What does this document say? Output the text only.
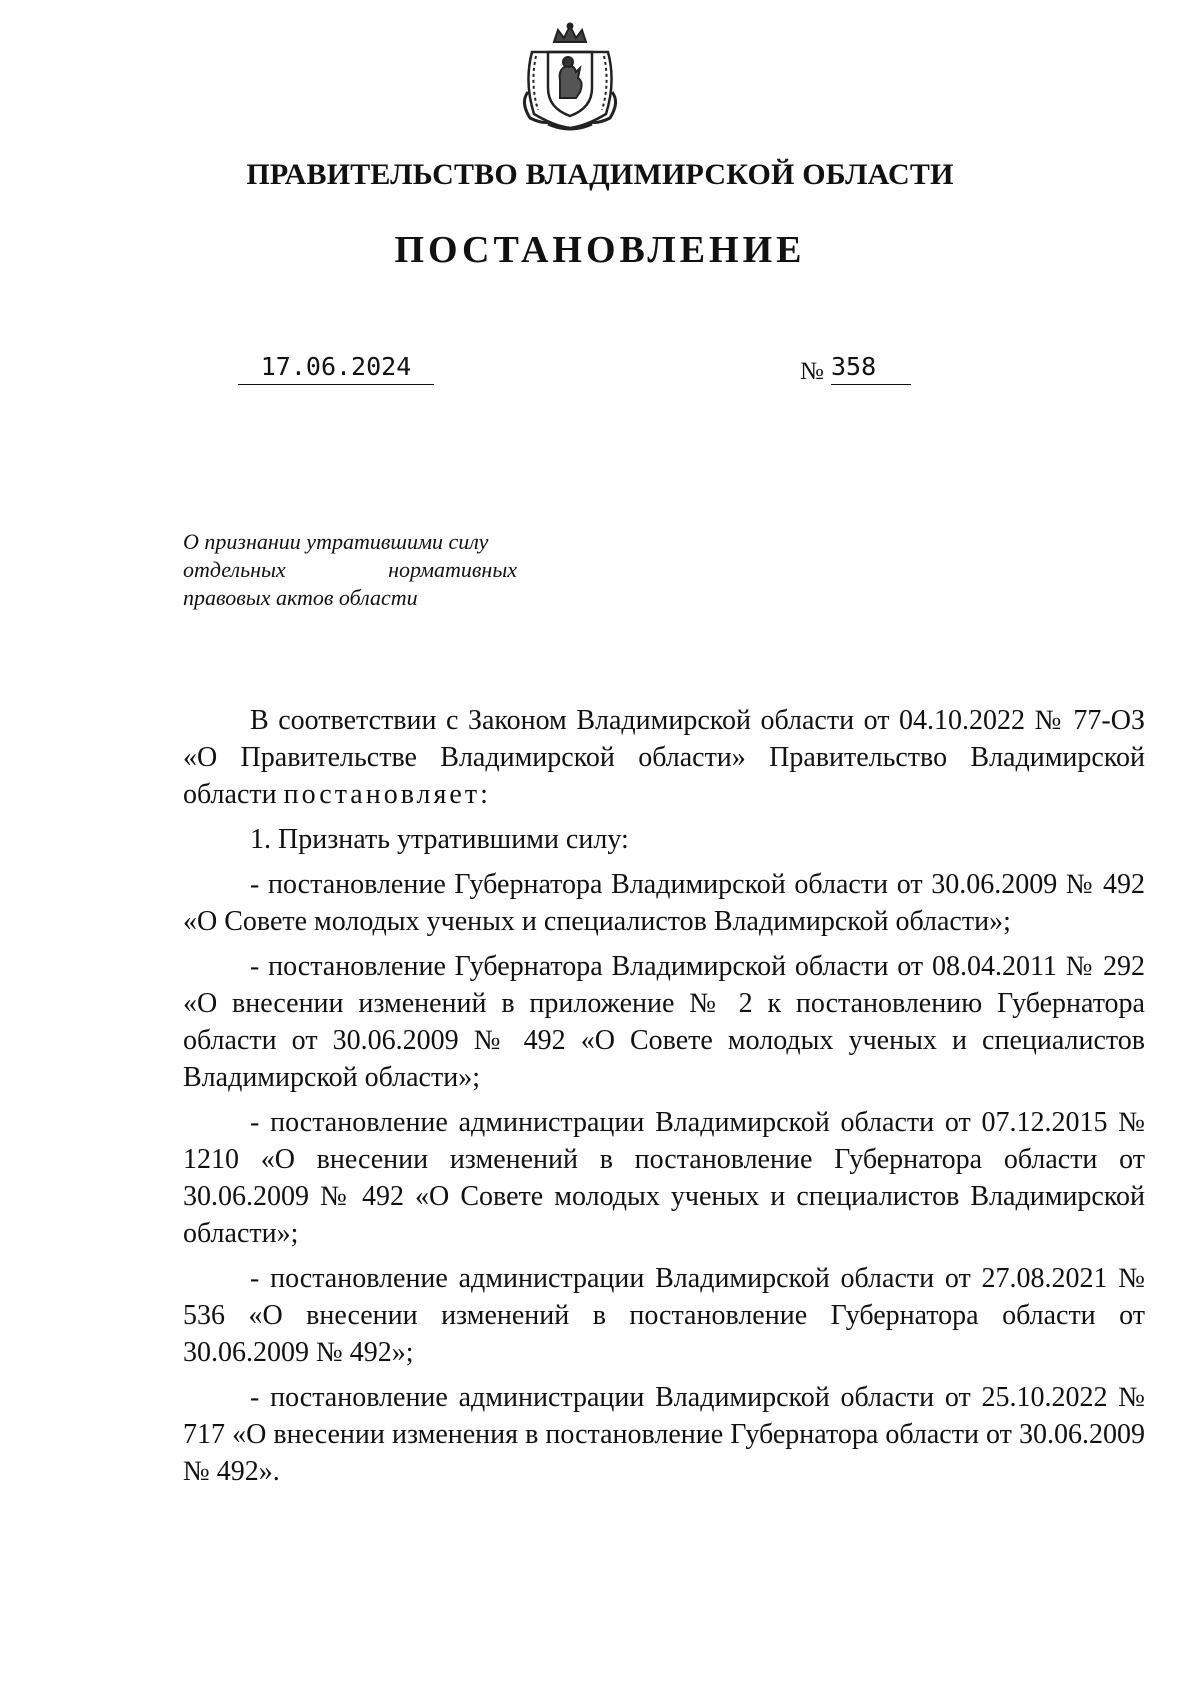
ПРАВИТЕЛЬСТВО ВЛАДИМИРСКОЙ ОБЛАСТИ
ПОСТАНОВЛЕНИЕ
17.06.2024	№ 358
О признании утратившими силу
отдельных	нормативных
правовых актов области

В соответствии с Законом Владимирской области от 04.10.2022 № 77-ОЗ «О Правительстве Владимирской области» Правительство Владимирской области постановляет:

1. Признать утратившими силу:

- постановление Губернатора Владимирской области от 30.06.2009 № 492 «О Совете молодых ученых и специалистов Владимирской области»;

- постановление Губернатора Владимирской области от 08.04.2011 № 292 «О внесении изменений в приложение № 2 к постановлению Губернатора области от 30.06.2009 № 492 «О Совете молодых ученых и специалистов Владимирской области»;

- постановление администрации Владимирской области от 07.12.2015 № 1210 «О внесении изменений в постановление Губернатора области от 30.06.2009 № 492 «О Совете молодых ученых и специалистов Владимирской области»;

- постановление администрации Владимирской области от 27.08.2021 № 536 «О внесении изменений в постановление Губернатора области от 30.06.2009 № 492»;

- постановление администрации Владимирской области от 25.10.2022 № 717 «О внесении изменения в постановление Губернатора области от 30.06.2009 № 492».
